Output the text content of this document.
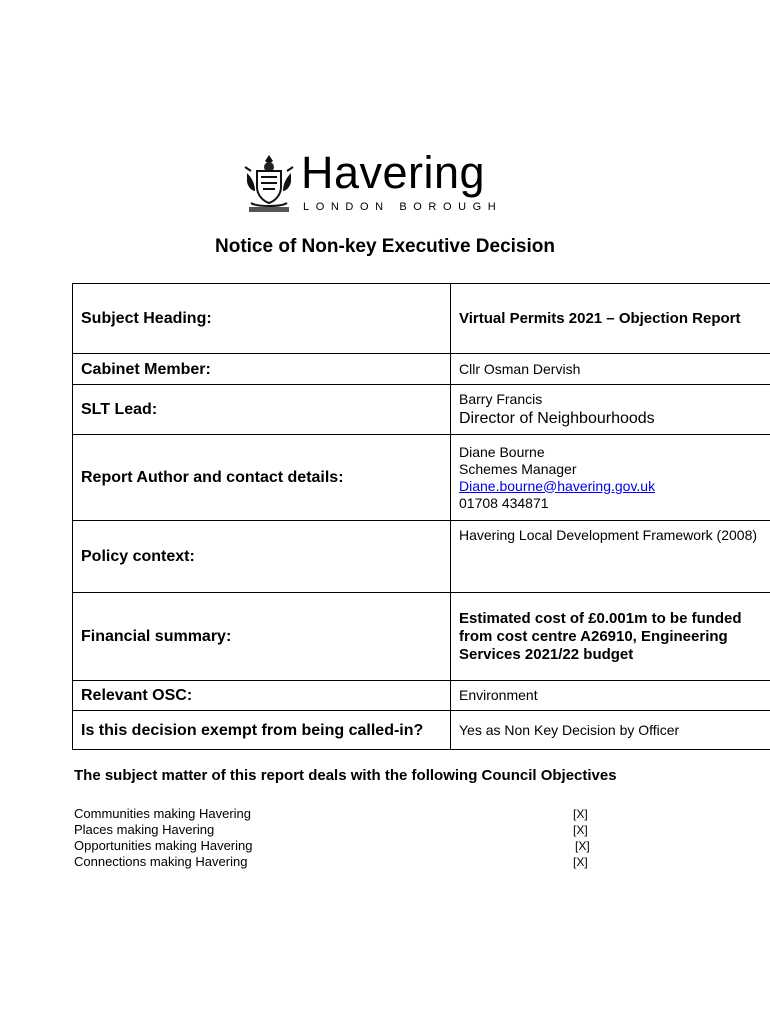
Havering
LONDON BOROUGH
Notice of Non-key Executive Decision
Subject Heading:	Virtual Permits 2021 – Objection Report
Cabinet Member:	Cllr Osman Dervish
SLT Lead:	Barry Francis
Director of Neighbourhoods

Report Author and contact details:	Diane Bourne
Schemes Manager
Diane.bourne@havering.gov.uk
01708 434871

Policy context:	Havering Local Development Framework (2008)
Financial summary:	Estimated cost of £0.001m to be funded from cost centre A26910, Engineering Services 2021/22 budget
Relevant OSC:	Environment
Is this decision exempt from being called-in?	Yes as Non Key Decision by Officer
The subject matter of this report deals with the following Council Objectives
Communities making Havering	[X]
Places making Havering	[X]
Opportunities making Havering	[X]
Connections making Havering	[X]
